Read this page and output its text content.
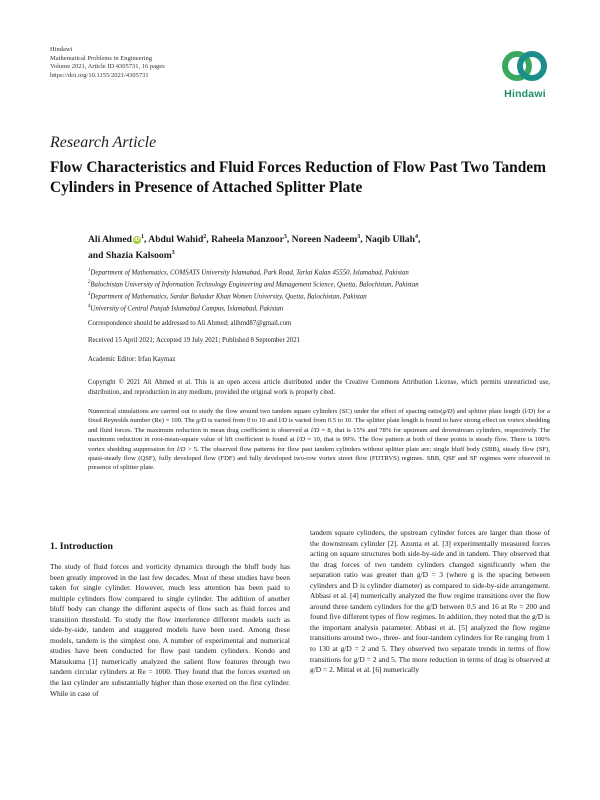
Hindawi
Mathematical Problems in Engineering
Volume 2021, Article ID 4305731, 16 pages
https://doi.org/10.1155/2021/4305731
Hindawi
Research Article
Flow Characteristics and Fluid Forces Reduction of Flow Past Two Tandem Cylinders in Presence of Attached Splitter Plate
Ali Ahmed $iD^1$, Abdul Wahid$^2$, Raheela Manzoor$^3$, Noreen Nadeem$^3$, Naqib Ullah$^4$,
and Shazia Kalsoom$^3$
$^1$Department of Mathematics, COMSATS University Islamabad, Park Road, Tarlai Kalan 45550, Islamabad, Pakistan
$^2$Balochistan University of Information Technology Engineering and Management Science, Quetta, Balochistan, Pakistan
$^3$Department of Mathematics, Sardar Bahadur Khan Women University, Quetta, Balochistan, Pakistan
$^4$University of Central Punjab Islamabad Campus, Islamabad, Pakistan
Correspondence should be addressed to Ali Ahmed; alihmd87@gmail.com
Received 15 April 2021; Accepted 19 July 2021; Published 8 September 2021
Academic Editor: Irfan Kaymaz
Copyright © 2021 Ali Ahmed et al. This is an open access article distributed under the Creative Commons Attribution License, which permits unrestricted use, distribution, and reproduction in any medium, provided the original work is properly cited.
Numerical simulations are carried out to study the flow around two tandem square cylinders (SC) under the effect of spacing ratio(g/D) and splitter plate length (l/D) for a fixed Reynolds number (Re) = 100. The g/D is varied from 0 to 10 and l/D is varied from 0.5 to 10. The splitter plate length is found to have strong effect on vortex shedding and fluid forces. The maximum reduction in mean drag coefficient is observed at l/D = 8, that is 15% and 78% for upstream and downstream cylinders, respectively. The maximum reduction in root-mean-square value of lift coefficient is found at l/D = 10, that is 99%. The flow pattern at both of these points is steady flow. There is 100% vortex shedding suppression for l/D > 5. The observed flow patterns for flow past tandem cylinders without splitter plate are; single bluff body (SBB), steady flow (SF), quasi-steady flow (QSF), fully developed flow (FDF) and fully developed two-row vortex street flow (FDTRVS) regimes. SBB, QSF and SF regimes were observed in presence of splitter plate.
1. Introduction

The study of fluid forces and vorticity dynamics through the bluff body has been greatly improved in the last few decades. Most of these studies have been taken for single cylinder. However, much less attention has been paid to multiple cylinders flow compared to single cylinder. The addition of another bluff body can change the different aspects of flow such as fluid forces and transition threshold. To study the flow interference different models such as side-by-side, tandem and staggered models have been used. Among these models, tandem is the simplest one. A number of experimental and numerical studies have been conducted for flow past tandem cylinders. Kondo and Matsukuma [1] numerically analyzed the salient flow features through two tandem circular cylinders at Re = 1000. They found that the forces exerted on the last cylinder are substantially higher than those exerted on the first cylinder. While in case of

tandem square cylinders, the upstream cylinder forces are larger than those of the downstream cylinder [2]. Azuma et al. [3] experimentally measured forces acting on square structures both side-by-side and in tandem. They observed that the drag forces of two tandem cylinders changed significantly when the separation ratio was greater than g/D = 3 (where g is the spacing between cylinders and D is cylinder diameter) as compared to side-by-side arrangement. Abbasi et al. [4] numerically analyzed the flow regime transitions over the flow around three tandem cylinders for the g/D between 0.5 and 16 at Re = 200 and found five different types of flow regimes. In addition, they noted that the g/D is the important analysis parameter. Abbasi et al. [5] analyzed the flow regime transitions around two-, three- and four-tandem cylinders for Re ranging from 1 to 130 at g/D = 2 and 5. They observed two separate trends in terms of flow transitions for g/D = 2 and 5. The more reduction in terms of drag is observed at g/D = 2. Mittal et al. [6] numerically
